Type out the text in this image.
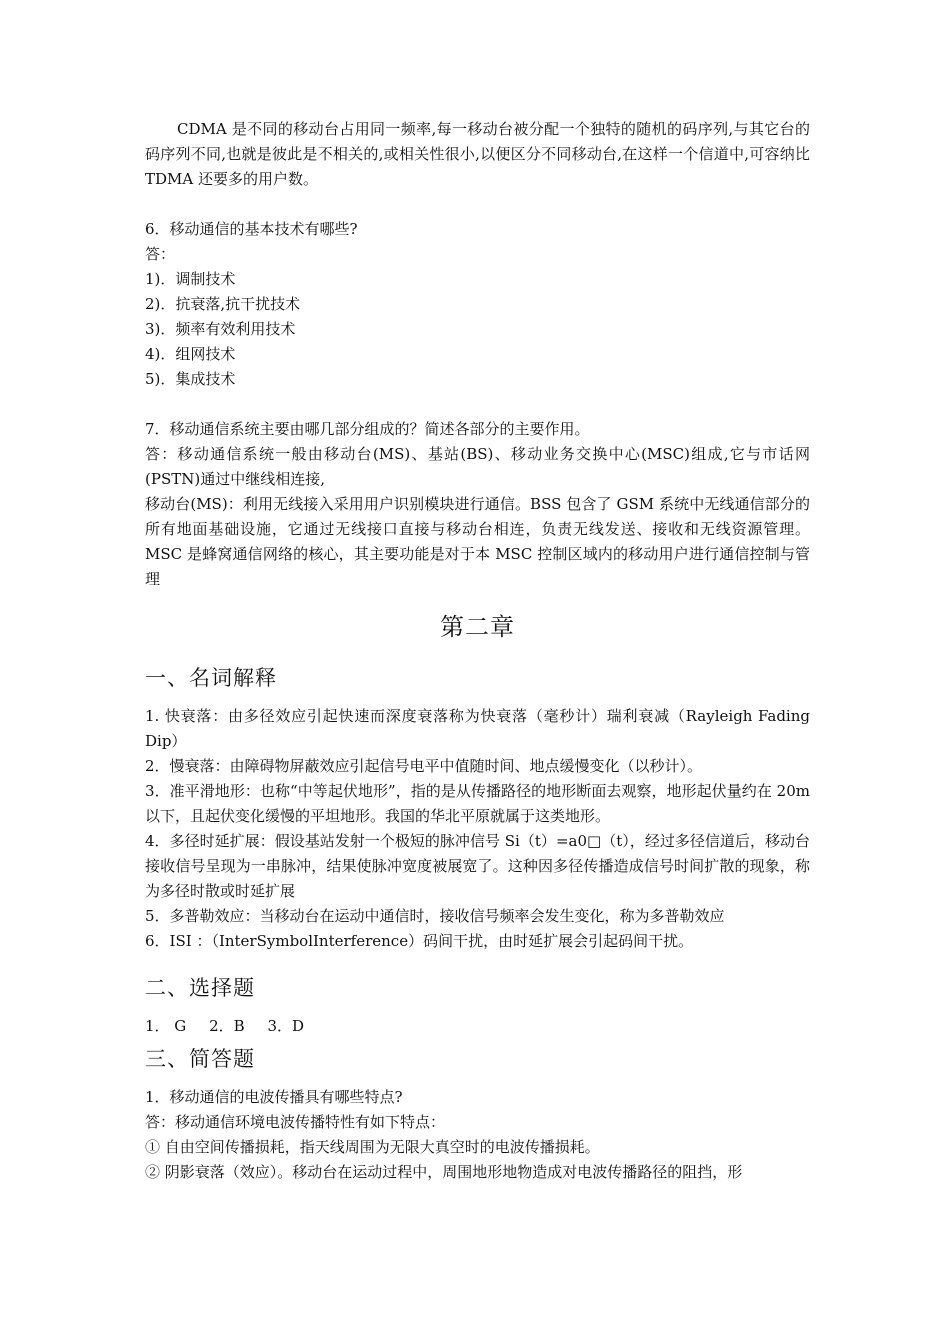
CDMA 是不同的移动台占用同一频率,每一移动台被分配一个独特的随机的码序列,与其它台的码序列不同,也就是彼此是不相关的,或相关性很小,以便区分不同移动台,在这样一个信道中,可容纳比 TDMA 还要多的用户数。

6．移动通信的基本技术有哪些?

答：

1)．调制技术

2)．抗衰落,抗干扰技术

3)．频率有效利用技术

4)．组网技术

5)．集成技术

7．移动通信系统主要由哪几部分组成的？简述各部分的主要作用。

答：移动通信系统一般由移动台(MS)、基站(BS)、移动业务交换中心(MSC)组成,它与市话网(PSTN)通过中继线相连接,

移动台(MS)：利用无线接入采用用户识别模块进行通信。BSS 包含了 GSM 系统中无线通信部分的所有地面基础设施，它通过无线接口直接与移动台相连，负责无线发送、接收和无线资源管理。MSC 是蜂窝通信网络的核心，其主要功能是对于本 MSC 控制区域内的移动用户进行通信控制与管理

第二章
一、名词解释

1. 快衰落：由多径效应引起快速而深度衰落称为快衰落（毫秒计）瑞利衰减（Rayleigh Fading Dip）

2．慢衰落：由障碍物屏蔽效应引起信号电平中值随时间、地点缓慢变化（以秒计）。

3．准平滑地形：也称“中等起伏地形”，指的是从传播路径的地形断面去观察，地形起伏量约在 20m 以下，且起伏变化缓慢的平坦地形。我国的华北平原就属于这类地形。

4．多径时延扩展：假设基站发射一个极短的脉冲信号 Si（t）=a0□（t），经过多径信道后，移动台接收信号呈现为一串脉冲，结果使脉冲宽度被展宽了。这种因多径传播造成信号时间扩散的现象，称为多径时散或时延扩展

5．多普勒效应：当移动台在运动中通信时，接收信号频率会发生变化，称为多普勒效应

6．ISI ：（InterSymbolInterference）码间干扰，由时延扩展会引起码间干扰。

二、选择题

1． G 2．B 3．D

三、简答题

1．移动通信的电波传播具有哪些特点?

答：移动通信环境电波传播特性有如下特点：

① 自由空间传播损耗，指天线周围为无限大真空时的电波传播损耗。

② 阴影衰落（效应）。移动台在运动过程中，周围地形地物造成对电波传播路径的阻挡，形
